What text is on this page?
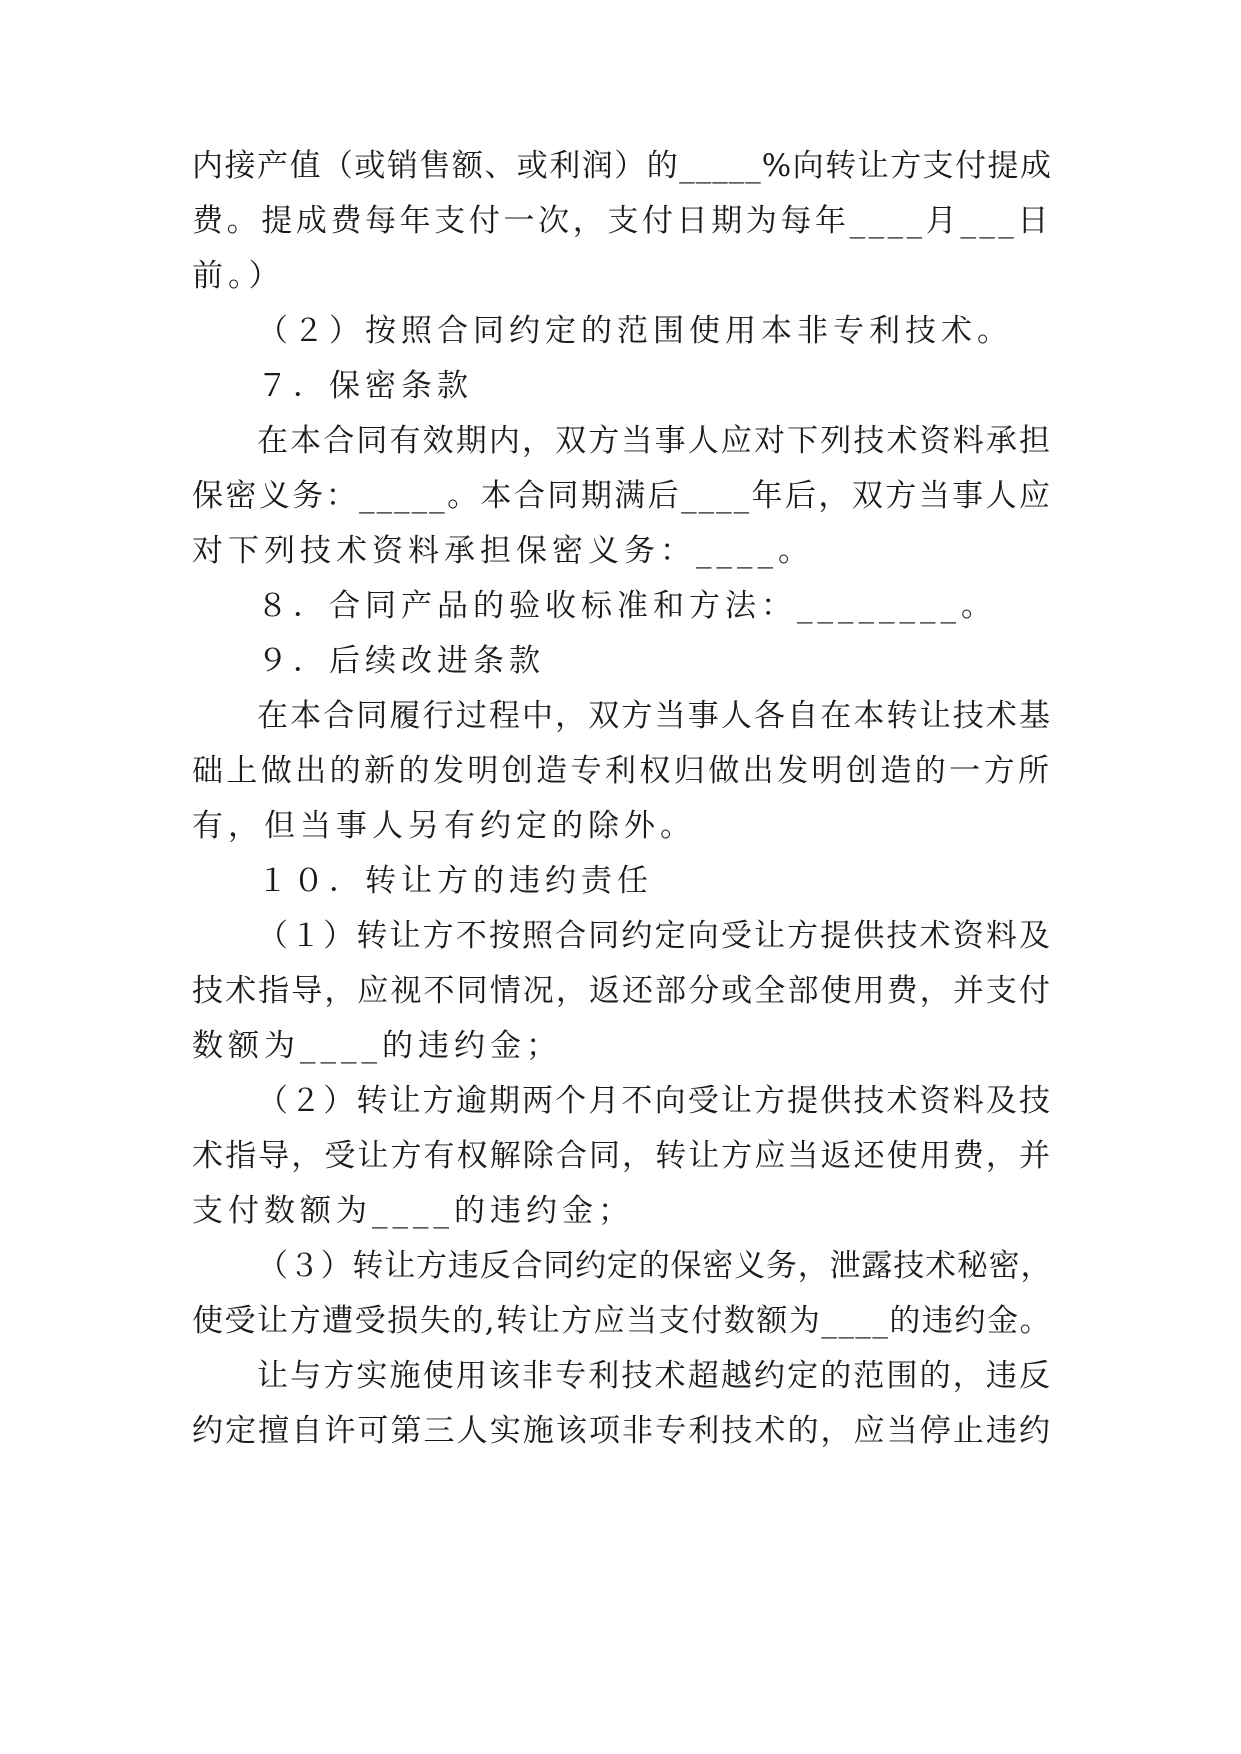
内接产值（或销售额、或利润）的_____%向转让方支付提成
费。提成费每年支付一次，支付日期为每年____月___日
前。）
（２）按照合同约定的范围使用本非专利技术。
７．保密条款
在本合同有效期内，双方当事人应对下列技术资料承担
保密义务：_____。本合同期满后____年后，双方当事人应
对下列技术资料承担保密义务：____。
８．合同产品的验收标准和方法：________。
９．后续改进条款
在本合同履行过程中，双方当事人各自在本转让技术基
础上做出的新的发明创造专利权归做出发明创造的一方所
有，但当事人另有约定的除外。
１０．转让方的违约责任
（１）转让方不按照合同约定向受让方提供技术资料及
技术指导，应视不同情况，返还部分或全部使用费，并支付
数额为____的违约金；
（２）转让方逾期两个月不向受让方提供技术资料及技
术指导，受让方有权解除合同，转让方应当返还使用费，并
支付数额为____的违约金；
（３）转让方违反合同约定的保密义务，泄露技术秘密，
使受让方遭受损失的,转让方应当支付数额为____的违约金。
让与方实施使用该非专利技术超越约定的范围的，违反
约定擅自许可第三人实施该项非专利技术的，应当停止违约
